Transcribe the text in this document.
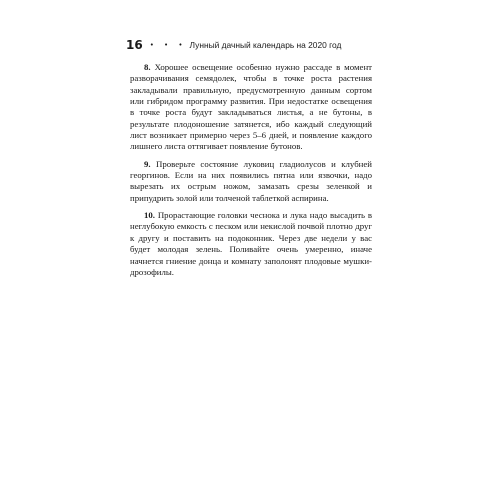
16 • • • Лунный дачный календарь на 2020 год

8. Хорошее освещение особенно нужно рассаде в момент разворачивания семядолек, чтобы в точке роста растения закладывали правильную, предусмотренную данным сортом или гибридом программу развития. При недостатке освещения в точке роста будут закладываться листья, а не бутоны, в результате плодоношение затянется, ибо каждый следующий лист возникает примерно через 5–6 дней, и появление каждого лишнего листа оттягивает появление бутонов.

9. Проверьте состояние луковиц гладиолусов и клубней георгинов. Если на них появились пятна или язвочки, надо вырезать их острым ножом, замазать срезы зеленкой и припудрить золой или толченой таблеткой аспирина.

10. Прорастающие головки чеснока и лука надо высадить в неглубокую емкость с песком или некислой почвой плотно друг к другу и поставить на подоконник. Через две недели у вас будет молодая зелень. Поливайте очень умеренно, иначе начнется гниение донца и комнату заполонят плодовые мушки-дрозофилы.
